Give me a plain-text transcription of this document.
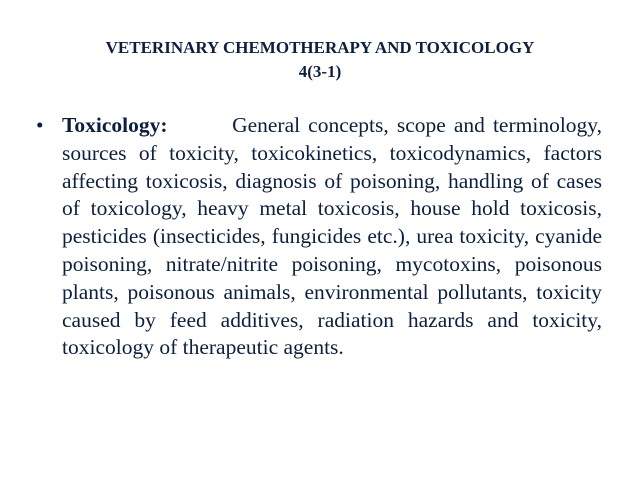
VETERINARY CHEMOTHERAPY AND TOXICOLOGY
4(3-1)
• Toxicology:	General concepts, scope and terminology, sources of toxicity, toxicokinetics, toxicodynamics, factors affecting toxicosis, diagnosis of poisoning, handling of cases of toxicology, heavy metal toxicosis, house hold toxicosis, pesticides (insecticides, fungicides etc.), urea toxicity, cyanide poisoning, nitrate/nitrite poisoning, mycotoxins, poisonous plants, poisonous animals, environmental pollutants, toxicity caused by feed additives, radiation hazards and toxicity, toxicology of therapeutic agents.
